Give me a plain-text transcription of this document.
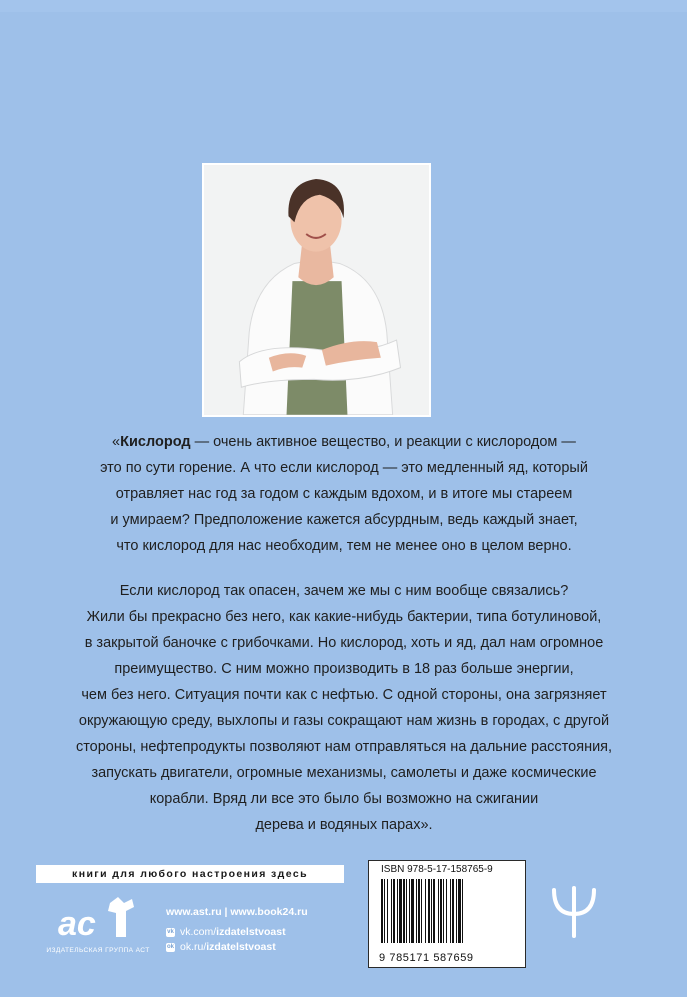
«Кислород — очень активное вещество, и реакции с кислородом —
это по сути горение. А что если кислород — это медленный яд, который
отравляет нас год за годом с каждым вдохом, и в итоге мы стареем
и умираем? Предположение кажется абсурдным, ведь каждый знает,
что кислород для нас необходим, тем не менее оно в целом верно.
Если кислород так опасен, зачем же мы с ним вообще связались?
Жили бы прекрасно без него, как какие-нибудь бактерии, типа ботулиновой,
в закрытой баночке с грибочками. Но кислород, хоть и яд, дал нам огромное
преимущество. С ним можно производить в 18 раз больше энергии,
чем без него. Ситуация почти как с нефтью. С одной стороны, она загрязняет
окружающую среду, выхлопы и газы сокращают нам жизнь в городах, с другой
стороны, нефтепродукты позволяют нам отправляться на дальние расстояния,
запускать двигатели, огромные механизмы, самолеты и даже космические
корабли. Вряд ли все это было бы возможно на сжигании
дерева и водяных парах».
книги для любого настроения здесь
ac
ИЗДАТЕЛЬСКАЯ ГРУППА АСТ
www.ast.ru | www.book24.ru
vk vk.com/izdatelstvoast
ok ok.ru/izdatelstvoast
ISBN 978-5-17-158765-9
9 785171 587659
